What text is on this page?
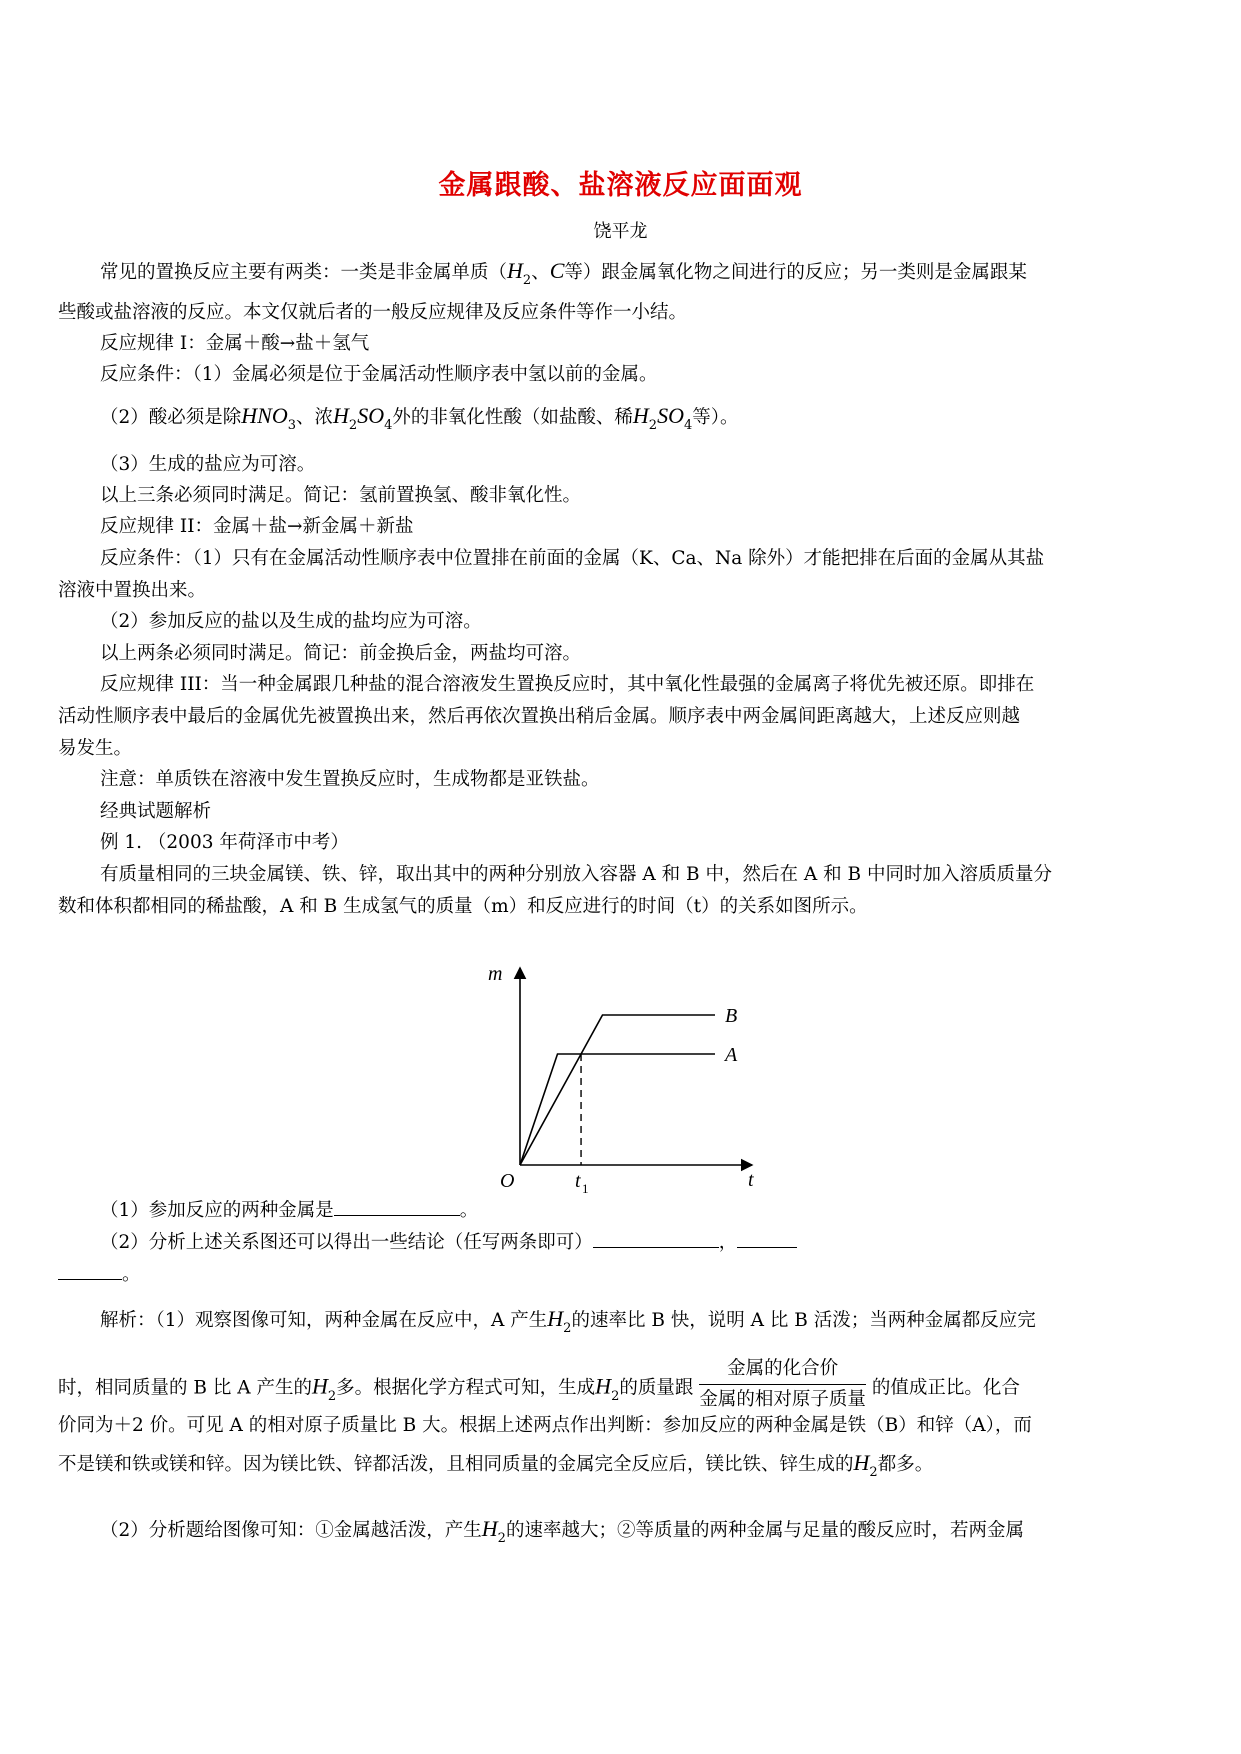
金属跟酸、盐溶液反应面面观
饶平龙
常见的置换反应主要有两类：一类是非金属单质（$H_2$、C等）跟金属氧化物之间进行的反应；另一类则是金属跟某
些酸或盐溶液的反应。本文仅就后者的一般反应规律及反应条件等作一小结。
反应规律 I：金属＋酸→盐＋氢气
反应条件：（1）金属必须是位于金属活动性顺序表中氢以前的金属。
（2）酸必须是除$HNO_3$、浓$H_2SO_4$外的非氧化性酸（如盐酸、稀$H_2SO_4$等）。
（3）生成的盐应为可溶。
以上三条必须同时满足。简记：氢前置换氢、酸非氧化性。
反应规律 II：金属＋盐→新金属＋新盐
反应条件：（1）只有在金属活动性顺序表中位置排在前面的金属（K、Ca、Na 除外）才能把排在后面的金属从其盐
溶液中置换出来。
（2）参加反应的盐以及生成的盐均应为可溶。
以上两条必须同时满足。简记：前金换后金，两盐均可溶。
反应规律 III：当一种金属跟几种盐的混合溶液发生置换反应时，其中氧化性最强的金属离子将优先被还原。即排在
活动性顺序表中最后的金属优先被置换出来，然后再依次置换出稍后金属。顺序表中两金属间距离越大，上述反应则越
易发生。
注意：单质铁在溶液中发生置换反应时，生成物都是亚铁盐。
经典试题解析
例 1. （2003 年荷泽市中考）
有质量相同的三块金属镁、铁、锌，取出其中的两种分别放入容器 A 和 B 中，然后在 A 和 B 中同时加入溶质质量分
数和体积都相同的稀盐酸，A 和 B 生成氢气的质量（m）和反应进行的时间（t）的关系如图所示。
B
A
m
t
O	t 1
（1）参加反应的两种金属是	。
（2）分析上述关系图还可以得出一些结论（任写两条即可）	，
。
解析：（1）观察图像可知，两种金属在反应中，A 产生$H_2$的速率比 B 快，说明 A 比 B 活泼；当两种金属都反应完
时，相同质量的 B 比 A 产生的$H_2$多。根据化学方程式可知，生成$H_2$的质量跟 $\frac{\text{金属的化合价}}{\text{金属的相对原子质量}}$ 的值成正比。化合
价同为＋2 价。可见 A 的相对原子质量比 B 大。根据上述两点作出判断：参加反应的两种金属是铁（B）和锌（A），而
不是镁和铁或镁和锌。因为镁比铁、锌都活泼，且相同质量的金属完全反应后，镁比铁、锌生成的$H_2$都多。
（2）分析题给图像可知：①金属越活泼，产生$H_2$的速率越大；②等质量的两种金属与足量的酸反应时，若两金属
